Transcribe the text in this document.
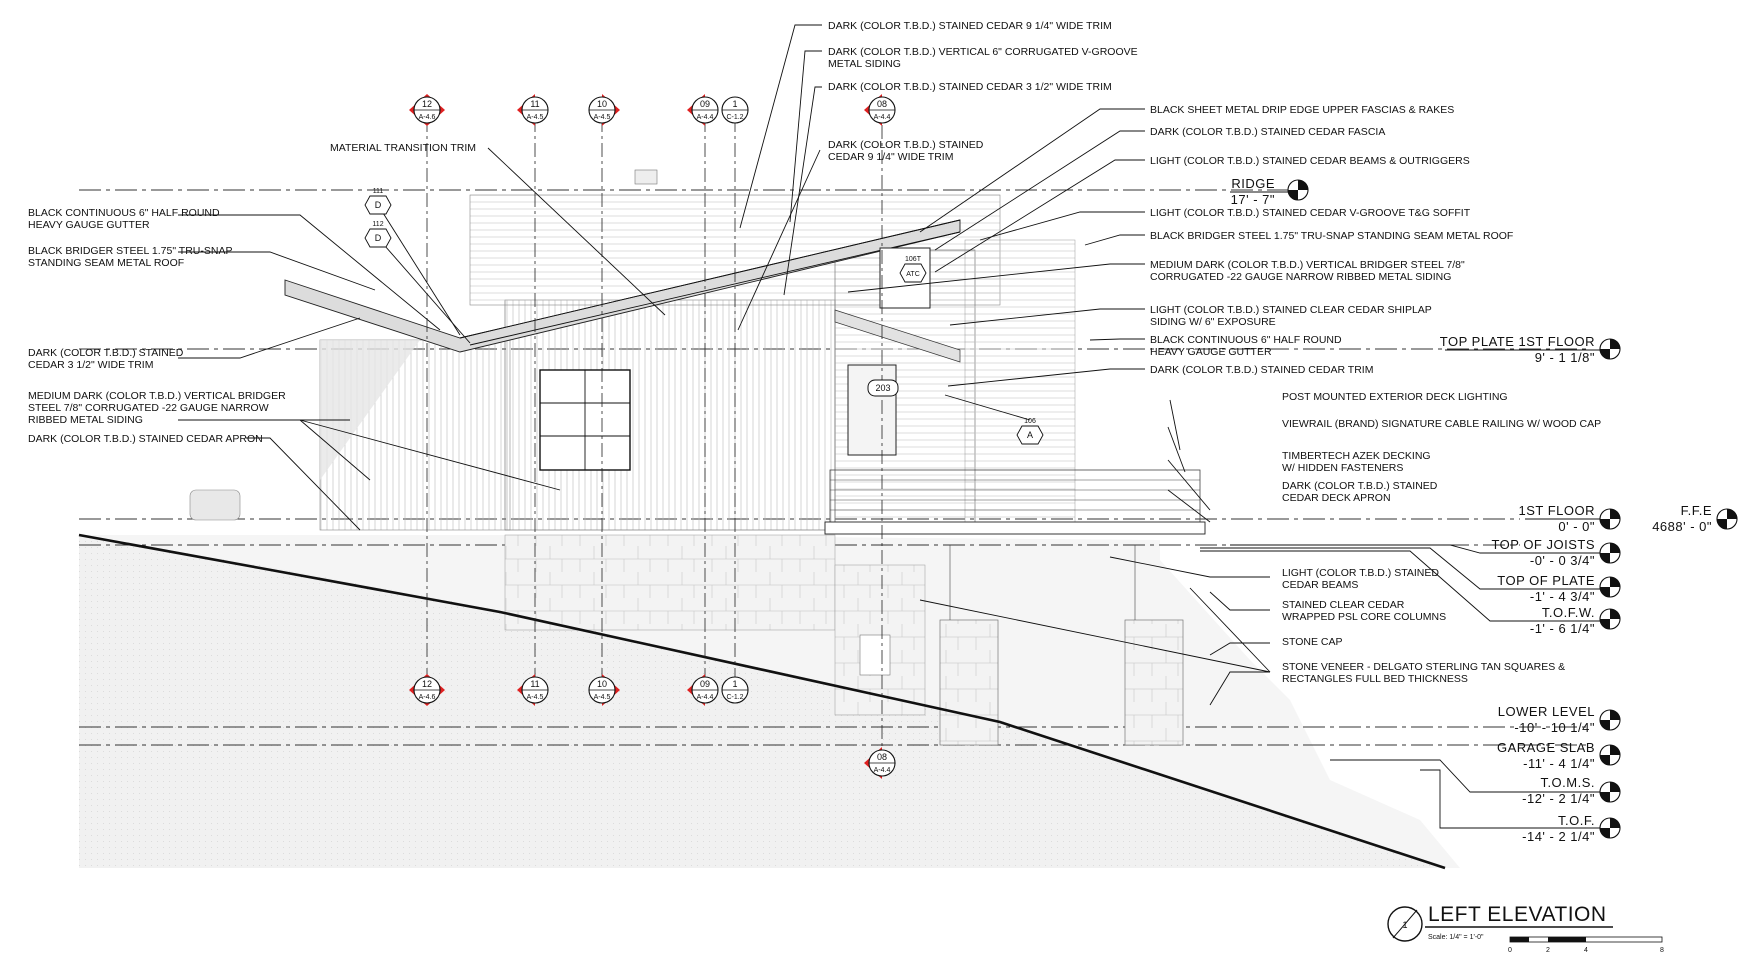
12
A-4.6
11
A-4.5
10
A-4.5
09
A-4.4
1
C-1.2
08
A-4.4
12
A-4.6
11
A-4.5
10
A-4.5
09
A-4.4
1
C-1.2
08
A-4.4
111
D
112
D
106
A
106T
ATC
203
DARK (COLOR T.B.D.) STAINED CEDAR 9 1/4" WIDE TRIM
DARK (COLOR T.B.D.) VERTICAL 6" CORRUGATED V-GROOVE
METAL SIDING
DARK (COLOR T.B.D.) STAINED CEDAR 3 1/2" WIDE TRIM
DARK (COLOR T.B.D.) STAINED
CEDAR 9 1/4" WIDE TRIM
MATERIAL TRANSITION TRIM
BLACK CONTINUOUS 6" HALF ROUND
HEAVY GAUGE GUTTER
BLACK BRIDGER STEEL 1.75" TRU-SNAP
STANDING SEAM METAL ROOF
DARK (COLOR T.B.D.) STAINED
CEDAR 3 1/2" WIDE TRIM
MEDIUM DARK (COLOR T.B.D.) VERTICAL BRIDGER
STEEL 7/8" CORRUGATED -22 GAUGE NARROW
RIBBED METAL SIDING
DARK (COLOR T.B.D.) STAINED CEDAR APRON
BLACK SHEET METAL DRIP EDGE UPPER FASCIAS & RAKES
DARK (COLOR T.B.D.) STAINED CEDAR FASCIA
LIGHT (COLOR T.B.D.) STAINED CEDAR BEAMS & OUTRIGGERS
LIGHT (COLOR T.B.D.) STAINED CEDAR V-GROOVE T&G SOFFIT
BLACK BRIDGER STEEL 1.75" TRU-SNAP STANDING SEAM METAL ROOF
MEDIUM DARK (COLOR T.B.D.) VERTICAL BRIDGER STEEL 7/8"
CORRUGATED -22 GAUGE NARROW RIBBED METAL SIDING
LIGHT (COLOR T.B.D.) STAINED CLEAR CEDAR SHIPLAP
SIDING W/ 6" EXPOSURE
BLACK CONTINUOUS 6" HALF ROUND
HEAVY GAUGE GUTTER
DARK (COLOR T.B.D.) STAINED CEDAR TRIM
POST MOUNTED EXTERIOR DECK LIGHTING
VIEWRAIL (BRAND) SIGNATURE CABLE RAILING W/ WOOD CAP
TIMBERTECH AZEK DECKING
W/ HIDDEN FASTENERS
DARK (COLOR T.B.D.) STAINED
CEDAR DECK APRON
LIGHT (COLOR T.B.D.) STAINED
CEDAR BEAMS
STAINED CLEAR CEDAR
WRAPPED PSL CORE COLUMNS
STONE CAP
STONE VENEER - DELGATO STERLING TAN SQUARES &
RECTANGLES FULL BED THICKNESS
RIDGE
17' - 7"
TOP PLATE 1ST FLOOR
9' - 1 1/8"
1ST FLOOR
0' - 0"
F.F.E
4688' - 0"
TOP OF JOISTS
-0' - 0 3/4"
TOP OF PLATE
-1' - 4 3/4"
T.O.F.W.
-1' - 6 1/4"
LOWER LEVEL
-10' - 10 1/4"
GARAGE SLAB
-11' - 4 1/4"
T.O.M.S.
-12' - 2 1/4"
T.O.F.
-14' - 2 1/4"
1 LEFT ELEVATION
Scale: 1/4" = 1'-0"
0	2	4	8
